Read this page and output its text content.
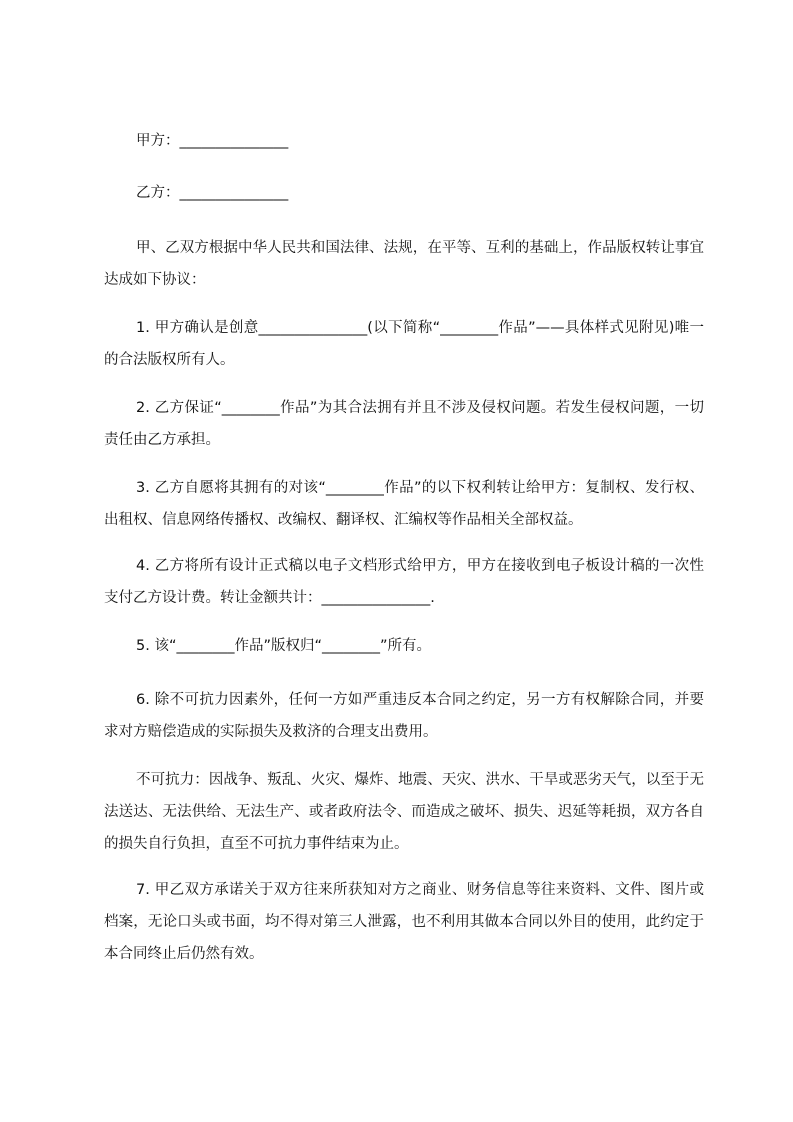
甲方：_______________
乙方：_______________
甲、乙双方根据中华人民共和国法律、法规，在平等、互利的基础上，作品版权转让事宜达成如下协议：
1. 甲方确认是创意_______________(以下简称“________作品”——具体样式见附见)唯一的合法版权所有人。
2. 乙方保证“________作品”为其合法拥有并且不涉及侵权问题。若发生侵权问题，一切责任由乙方承担。
3. 乙方自愿将其拥有的对该“________作品”的以下权利转让给甲方：复制权、发行权、出租权、信息网络传播权、改编权、翻译权、汇编权等作品相关全部权益。
4. 乙方将所有设计正式稿以电子文档形式给甲方，甲方在接收到电子板设计稿的一次性支付乙方设计费。转让金额共计：_______________.
5. 该“________作品”版权归“________”所有。
6. 除不可抗力因素外，任何一方如严重违反本合同之约定，另一方有权解除合同，并要求对方赔偿造成的实际损失及救济的合理支出费用。
不可抗力：因战争、叛乱、火灾、爆炸、地震、天灾、洪水、干旱或恶劣天气，以至于无法送达、无法供给、无法生产、或者政府法令、而造成之破坏、损失、迟延等耗损，双方各自的损失自行负担，直至不可抗力事件结束为止。
7. 甲乙双方承诺关于双方往来所获知对方之商业、财务信息等往来资料、文件、图片或档案，无论口头或书面，均不得对第三人泄露，也不利用其做本合同以外目的使用，此约定于本合同终止后仍然有效。
